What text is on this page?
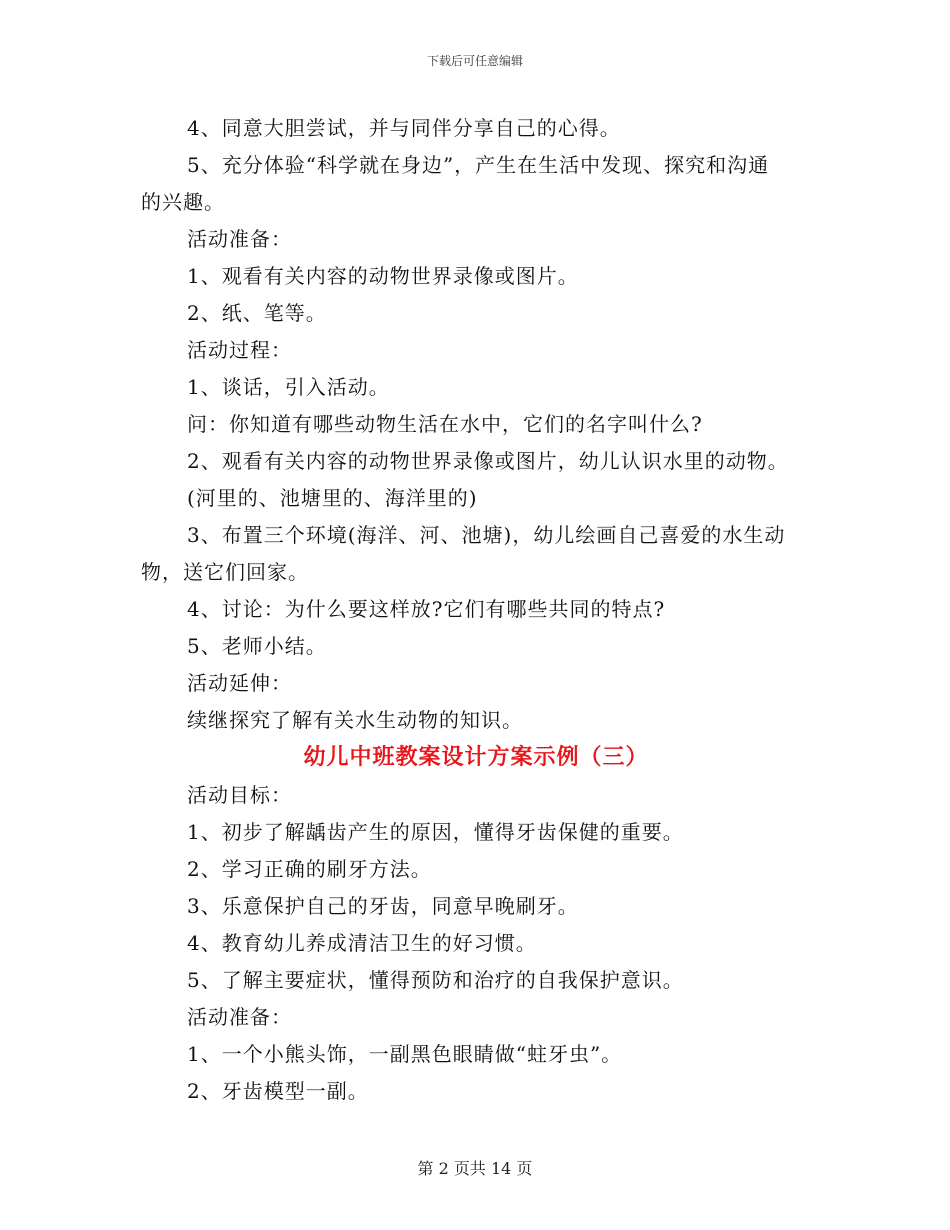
下载后可任意编辑
4、同意大胆尝试，并与同伴分享自己的心得。
5、充分体验“科学就在身边”，产生在生活中发现、探究和沟通
的兴趣。
活动准备：
1、观看有关内容的动物世界录像或图片。
2、纸、笔等。
活动过程：
1、谈话，引入活动。
问：你知道有哪些动物生活在水中，它们的名字叫什么?
2、观看有关内容的动物世界录像或图片，幼儿认识水里的动物。
(河里的、池塘里的、海洋里的)
3、布置三个环境(海洋、河、池塘)，幼儿绘画自己喜爱的水生动
物，送它们回家。
4、讨论：为什么要这样放?它们有哪些共同的特点?
5、老师小结。
活动延伸：
续继探究了解有关水生动物的知识。
幼儿中班教案设计方案示例（三）
活动目标：
1、初步了解龋齿产生的原因，懂得牙齿保健的重要。
2、学习正确的刷牙方法。
3、乐意保护自己的牙齿，同意早晚刷牙。
4、教育幼儿养成清洁卫生的好习惯。
5、了解主要症状，懂得预防和治疗的自我保护意识。
活动准备：
1、一个小熊头饰，一副黑色眼睛做“蛀牙虫”。
2、牙齿模型一副。
第 2 页共 14 页
